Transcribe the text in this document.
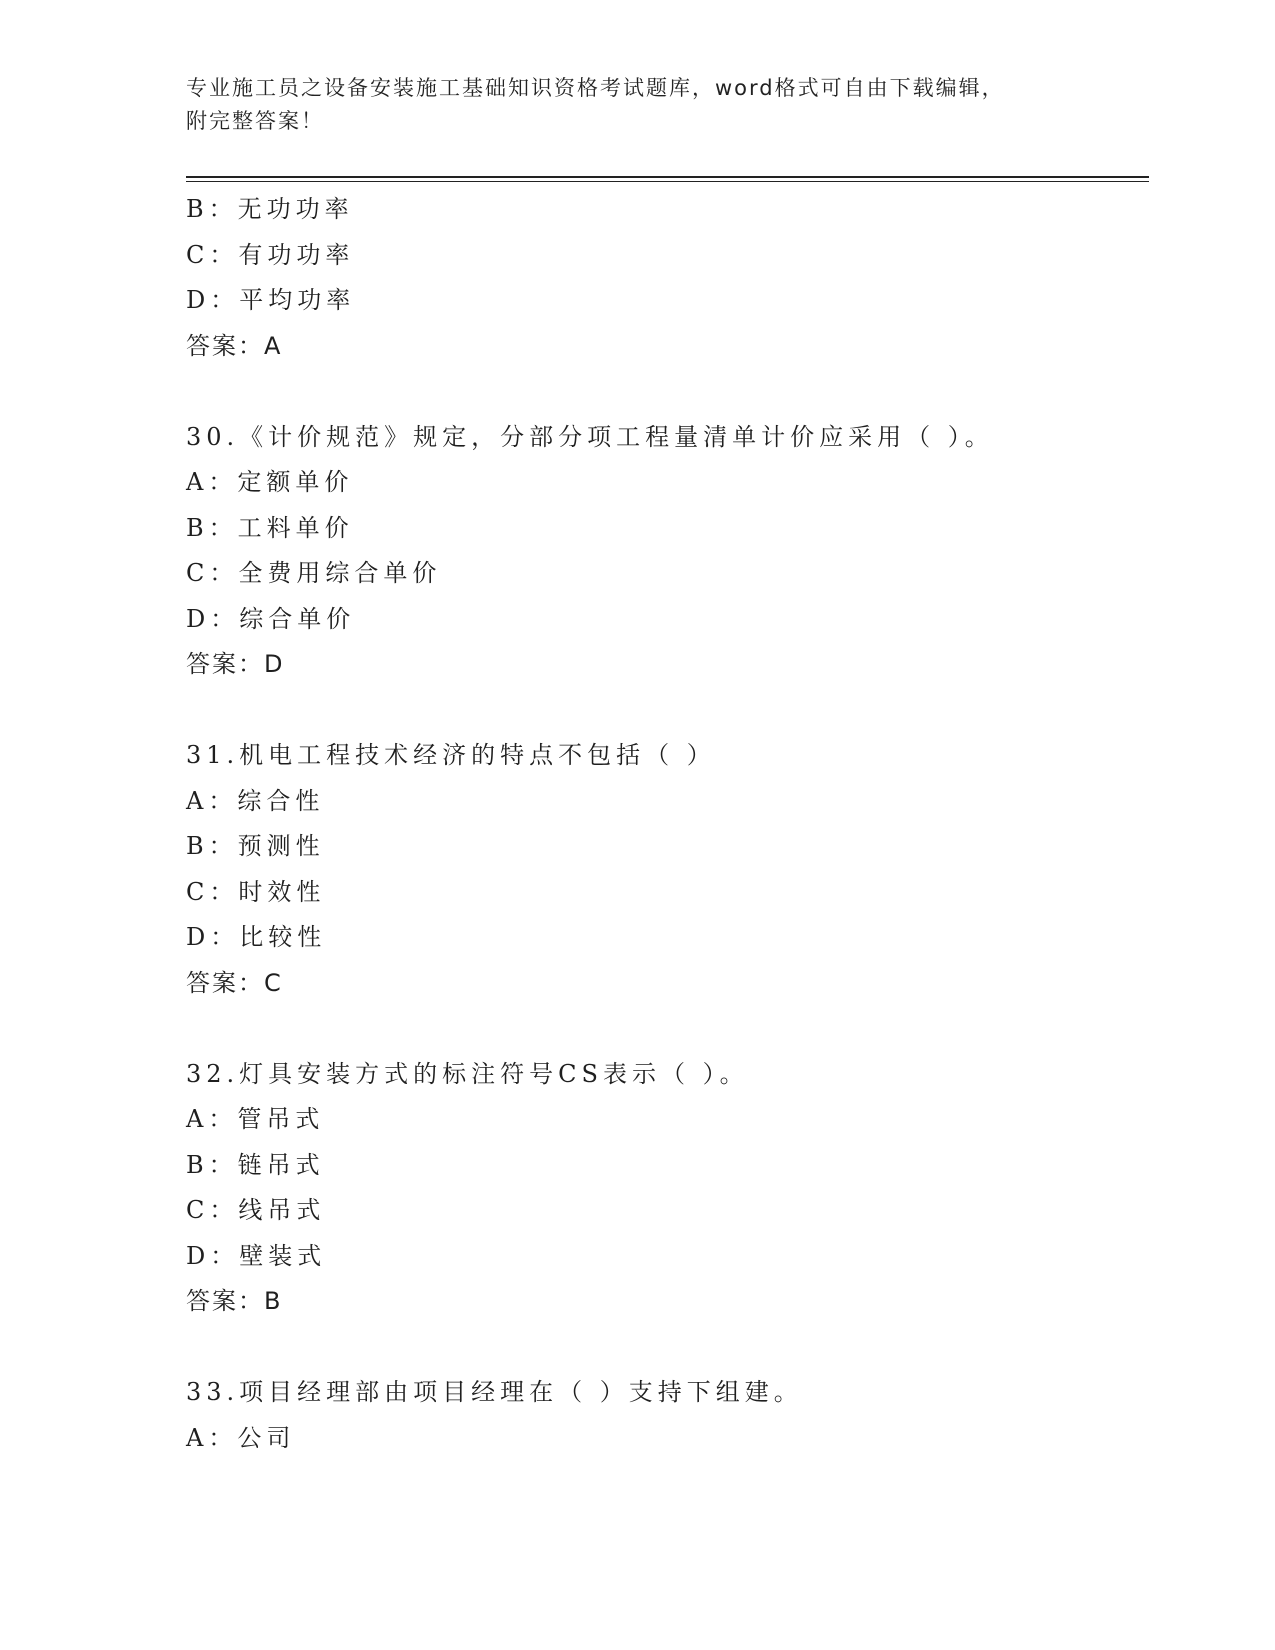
专业施工员之设备安装施工基础知识资格考试题库，word格式可自由下载编辑，
附完整答案！
B：无功功率
C：有功功率
D：平均功率
答案：A
30.《计价规范》规定，分部分项工程量清单计价应采用（ ）。
A：定额单价
B：工料单价
C：全费用综合单价
D：综合单价
答案：D
31.机电工程技术经济的特点不包括（ ）
A：综合性
B：预测性
C：时效性
D：比较性
答案：C
32.灯具安装方式的标注符号CS表示（ ）。
A：管吊式
B：链吊式
C：线吊式
D：壁装式
答案：B
33.项目经理部由项目经理在（ ）支持下组建。
A：公司
